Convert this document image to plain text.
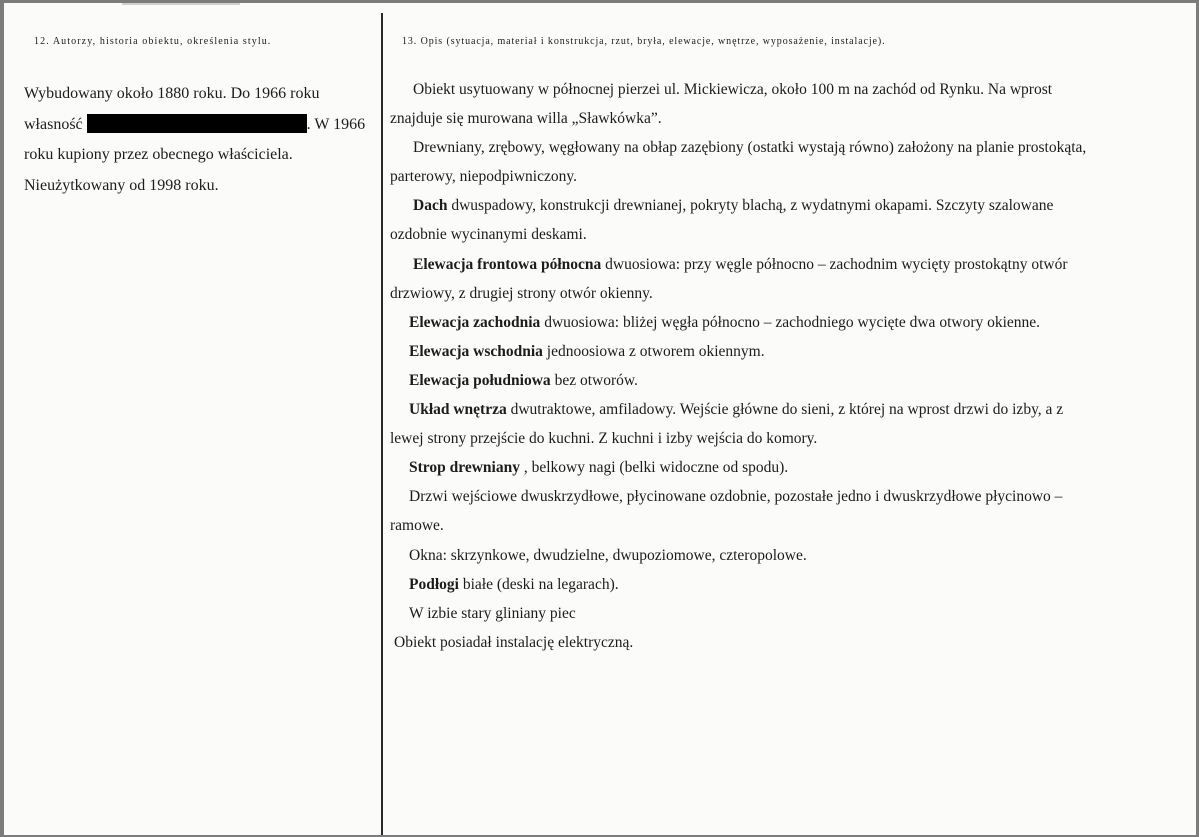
12. Autorzy, historia obiektu, określenia stylu.	13. Opis (sytuacja, materiał i konstrukcja, rzut, bryła, elewacje, wnętrze, wyposażenie, instalacje).

Wybudowany około 1880 roku. Do 1966 roku

własność	. W 1966

roku kupiony przez obecnego właściciela.

Nieużytkowany od 1998 roku.

Obiekt usytuowany w północnej pierzei ul. Mickiewicza, około 100 m na zachód od Rynku. Na wprost

znajduje się murowana willa „Sławkówka”.

Drewniany, zrębowy, węgłowany na obłap zazębiony (ostatki wystają równo) założony na planie prostokąta,

parterowy, niepodpiwniczony.

Dach dwuspadowy, konstrukcji drewnianej, pokryty blachą, z wydatnymi okapami. Szczyty szalowane

ozdobnie wycinanymi deskami.

Elewacja frontowa północna dwuosiowa: przy węgle północno – zachodnim wycięty prostokątny otwór

drzwiowy, z drugiej strony otwór okienny.

Elewacja zachodnia dwuosiowa: bliżej węgła północno – zachodniego wycięte dwa otwory okienne.

Elewacja wschodnia jednoosiowa z otworem okiennym.

Elewacja południowa bez otworów.

Układ wnętrza dwutraktowe, amfiladowy. Wejście główne do sieni, z której na wprost drzwi do izby, a z

lewej strony przejście do kuchni. Z kuchni i izby wejścia do komory.

Strop drewniany , belkowy nagi (belki widoczne od spodu).

Drzwi wejściowe dwuskrzydłowe, płycinowane ozdobnie, pozostałe jedno i dwuskrzydłowe płycinowo –

ramowe.

Okna: skrzynkowe, dwudzielne, dwupoziomowe, czteropolowe.

Podłogi białe (deski na legarach).

W izbie stary gliniany piec

Obiekt posiadał instalację elektryczną.
